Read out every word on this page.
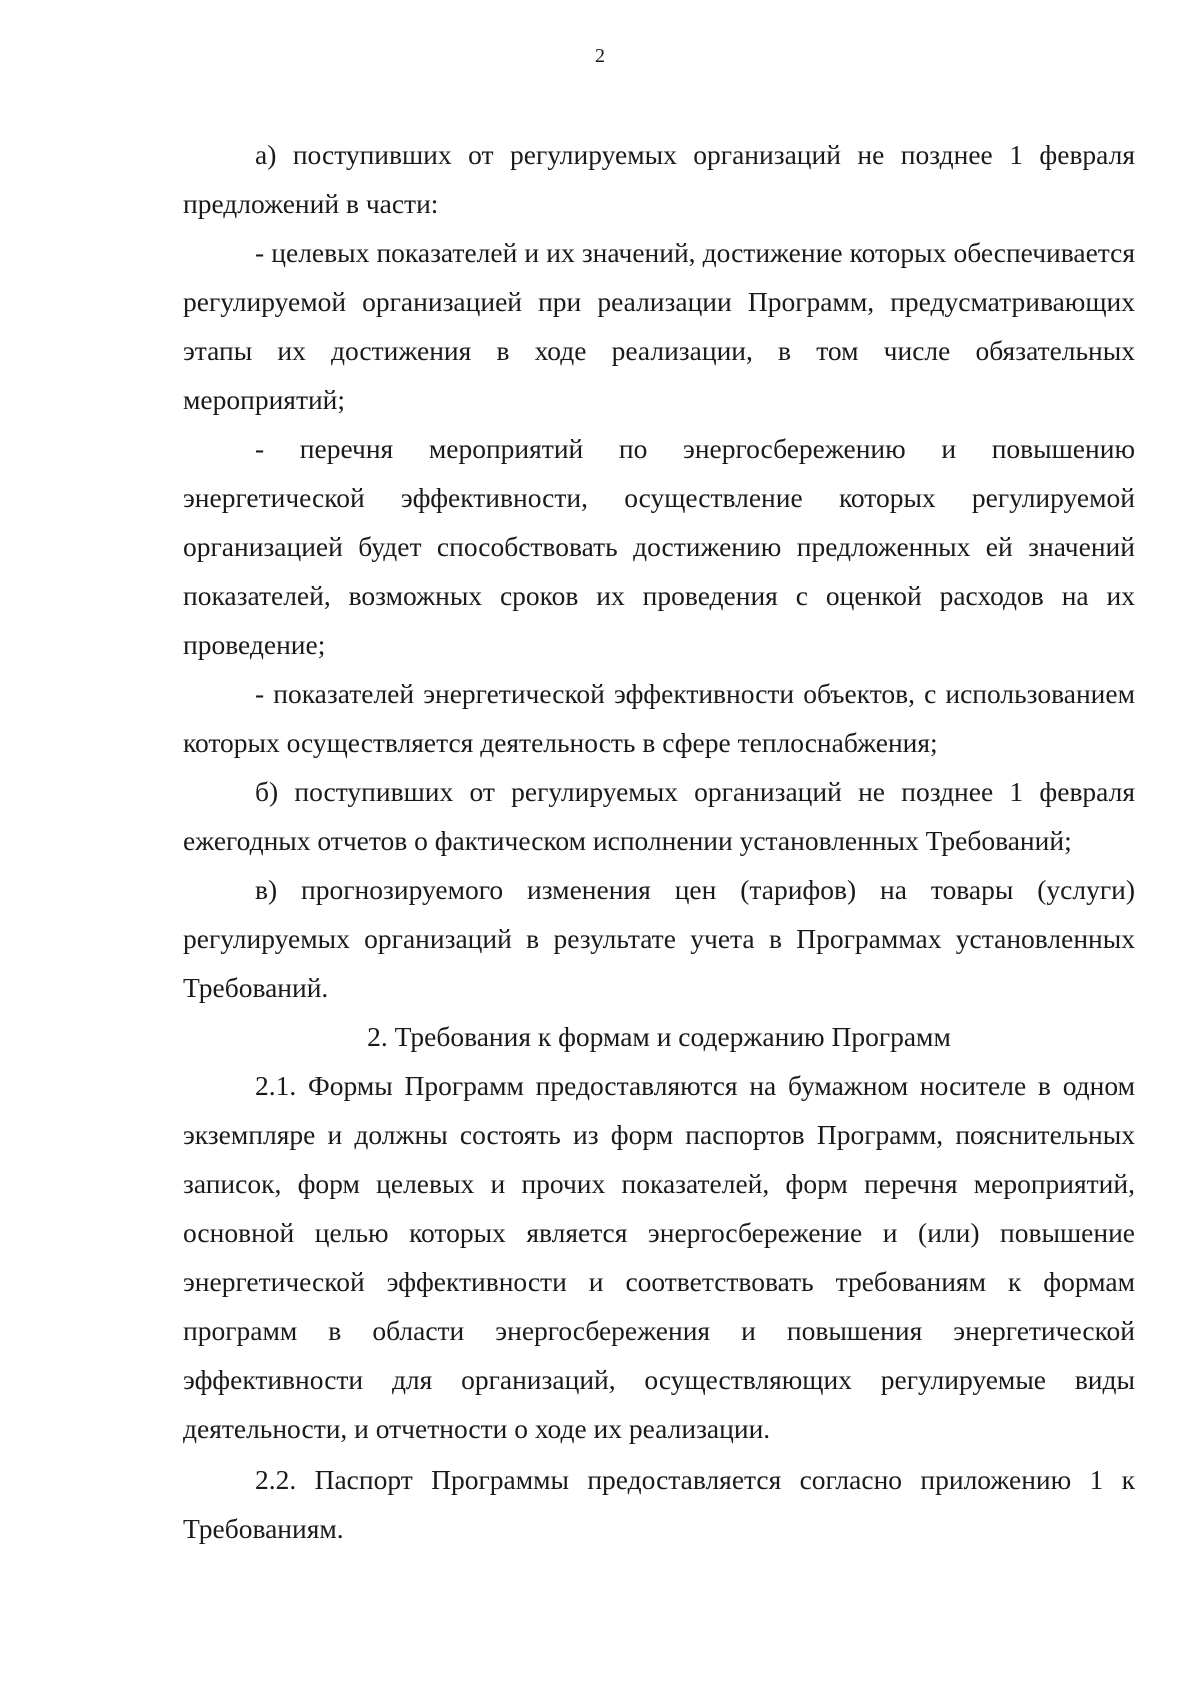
2

а) поступивших от регулируемых организаций не позднее 1 февраля предложений в части:

- целевых показателей и их значений, достижение которых обеспечивается регулируемой организацией при реализации Программ, предусматривающих этапы их достижения в ходе реализации, в том числе обязательных мероприятий;

- перечня мероприятий по энергосбережению и повышению энергетической эффективности, осуществление которых регулируемой организацией будет способствовать достижению предложенных ей значений показателей, возможных сроков их проведения с оценкой расходов на их проведение;

- показателей энергетической эффективности объектов, с использованием которых осуществляется деятельность в сфере теплоснабжения;

б) поступивших от регулируемых организаций не позднее 1 февраля ежегодных отчетов о фактическом исполнении установленных Требований;

в) прогнозируемого изменения цен (тарифов) на товары (услуги) регулируемых организаций в результате учета в Программах установленных Требований.

2. Требования к формам и содержанию Программ

2.1. Формы Программ предоставляются на бумажном носителе в одном экземпляре и должны состоять из форм паспортов Программ, пояснительных записок, форм целевых и прочих показателей, форм перечня мероприятий, основной целью которых является энергосбережение и (или) повышение энергетической эффективности и соответствовать требованиям к формам программ в области энергосбережения и повышения энергетической эффективности для организаций, осуществляющих регулируемые виды деятельности, и отчетности о ходе их реализации.

2.2. Паспорт Программы предоставляется согласно приложению 1 к Требованиям.
